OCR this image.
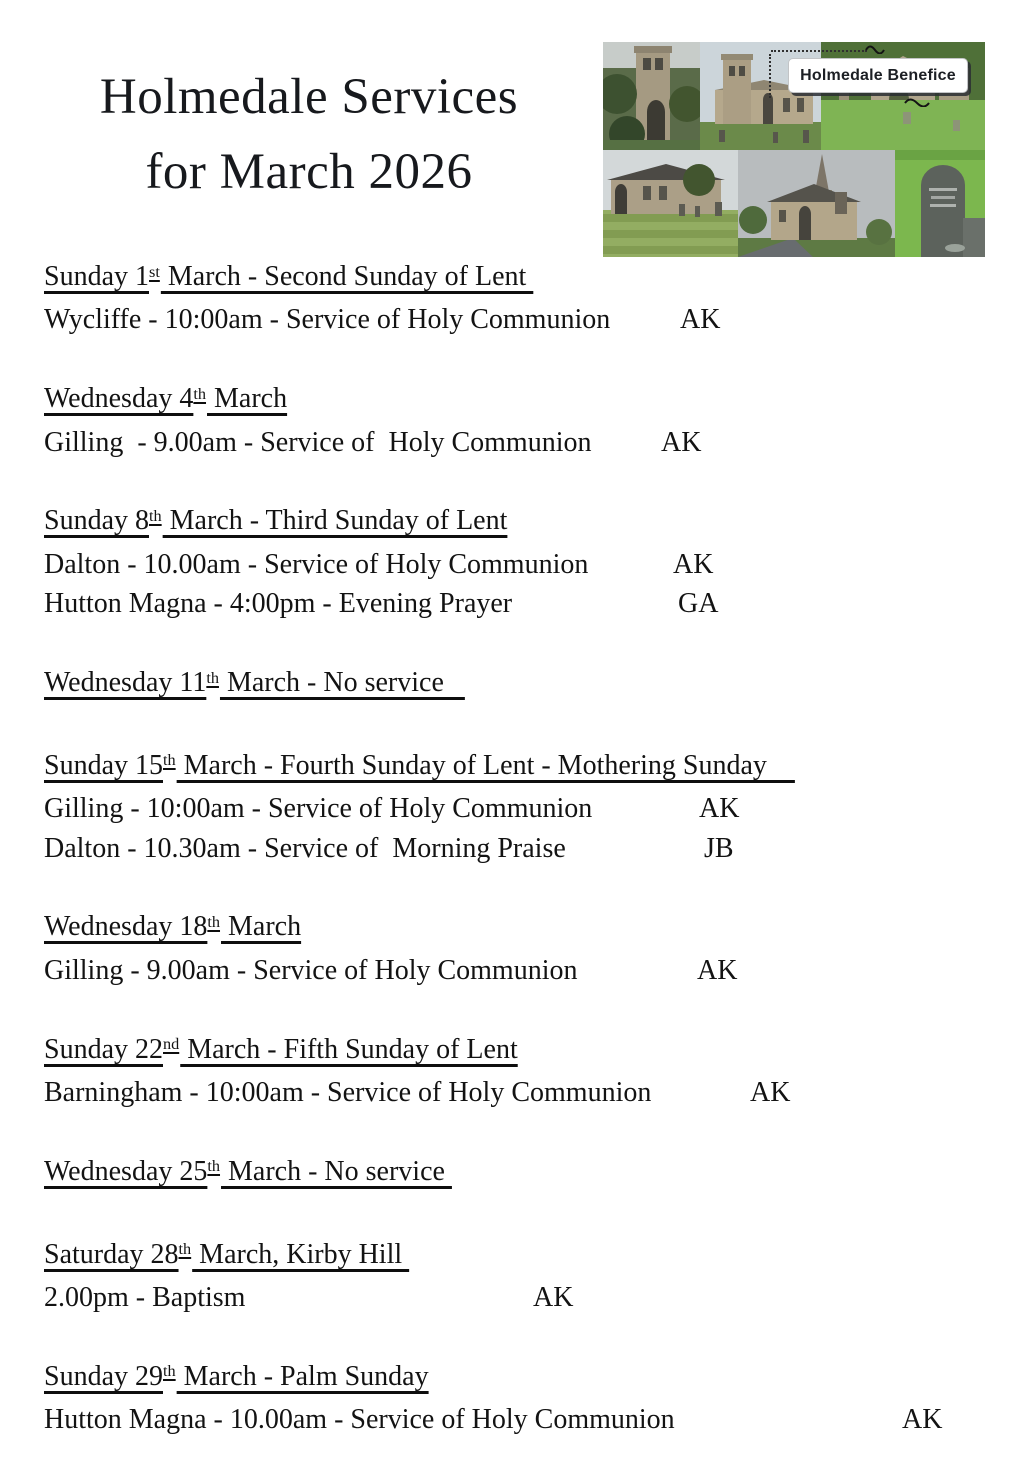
Holmedale Services
for March 2026
Holmedale Benefice
Sunday 1st March - Second Sunday of Lent
Wycliffe - 10:00am - Service of Holy Communion AK
Wednesday 4th March
Gilling  - 9.00am - Service of  Holy Communion AK
Sunday 8th March - Third Sunday of Lent
Dalton - 10.00am - Service of Holy Communion	AK
Hutton Magna - 4:00pm - Evening Prayer	GA
Wednesday 11th March - No service
Sunday 15th March - Fourth Sunday of Lent - Mothering Sunday
Gilling - 10:00am - Service of Holy Communion	AK
Dalton - 10.30am - Service of  Morning Praise	JB
Wednesday 18th March
Gilling - 9.00am - Service of Holy Communion	AK
Sunday 22nd March - Fifth Sunday of Lent
Barningham - 10:00am - Service of Holy Communion	AK
Wednesday 25th March - No service
Saturday 28th March, Kirby Hill
2.00pm - Baptism	AK
Sunday 29th March - Palm Sunday
Hutton Magna - 10.00am - Service of Holy Communion	AK
